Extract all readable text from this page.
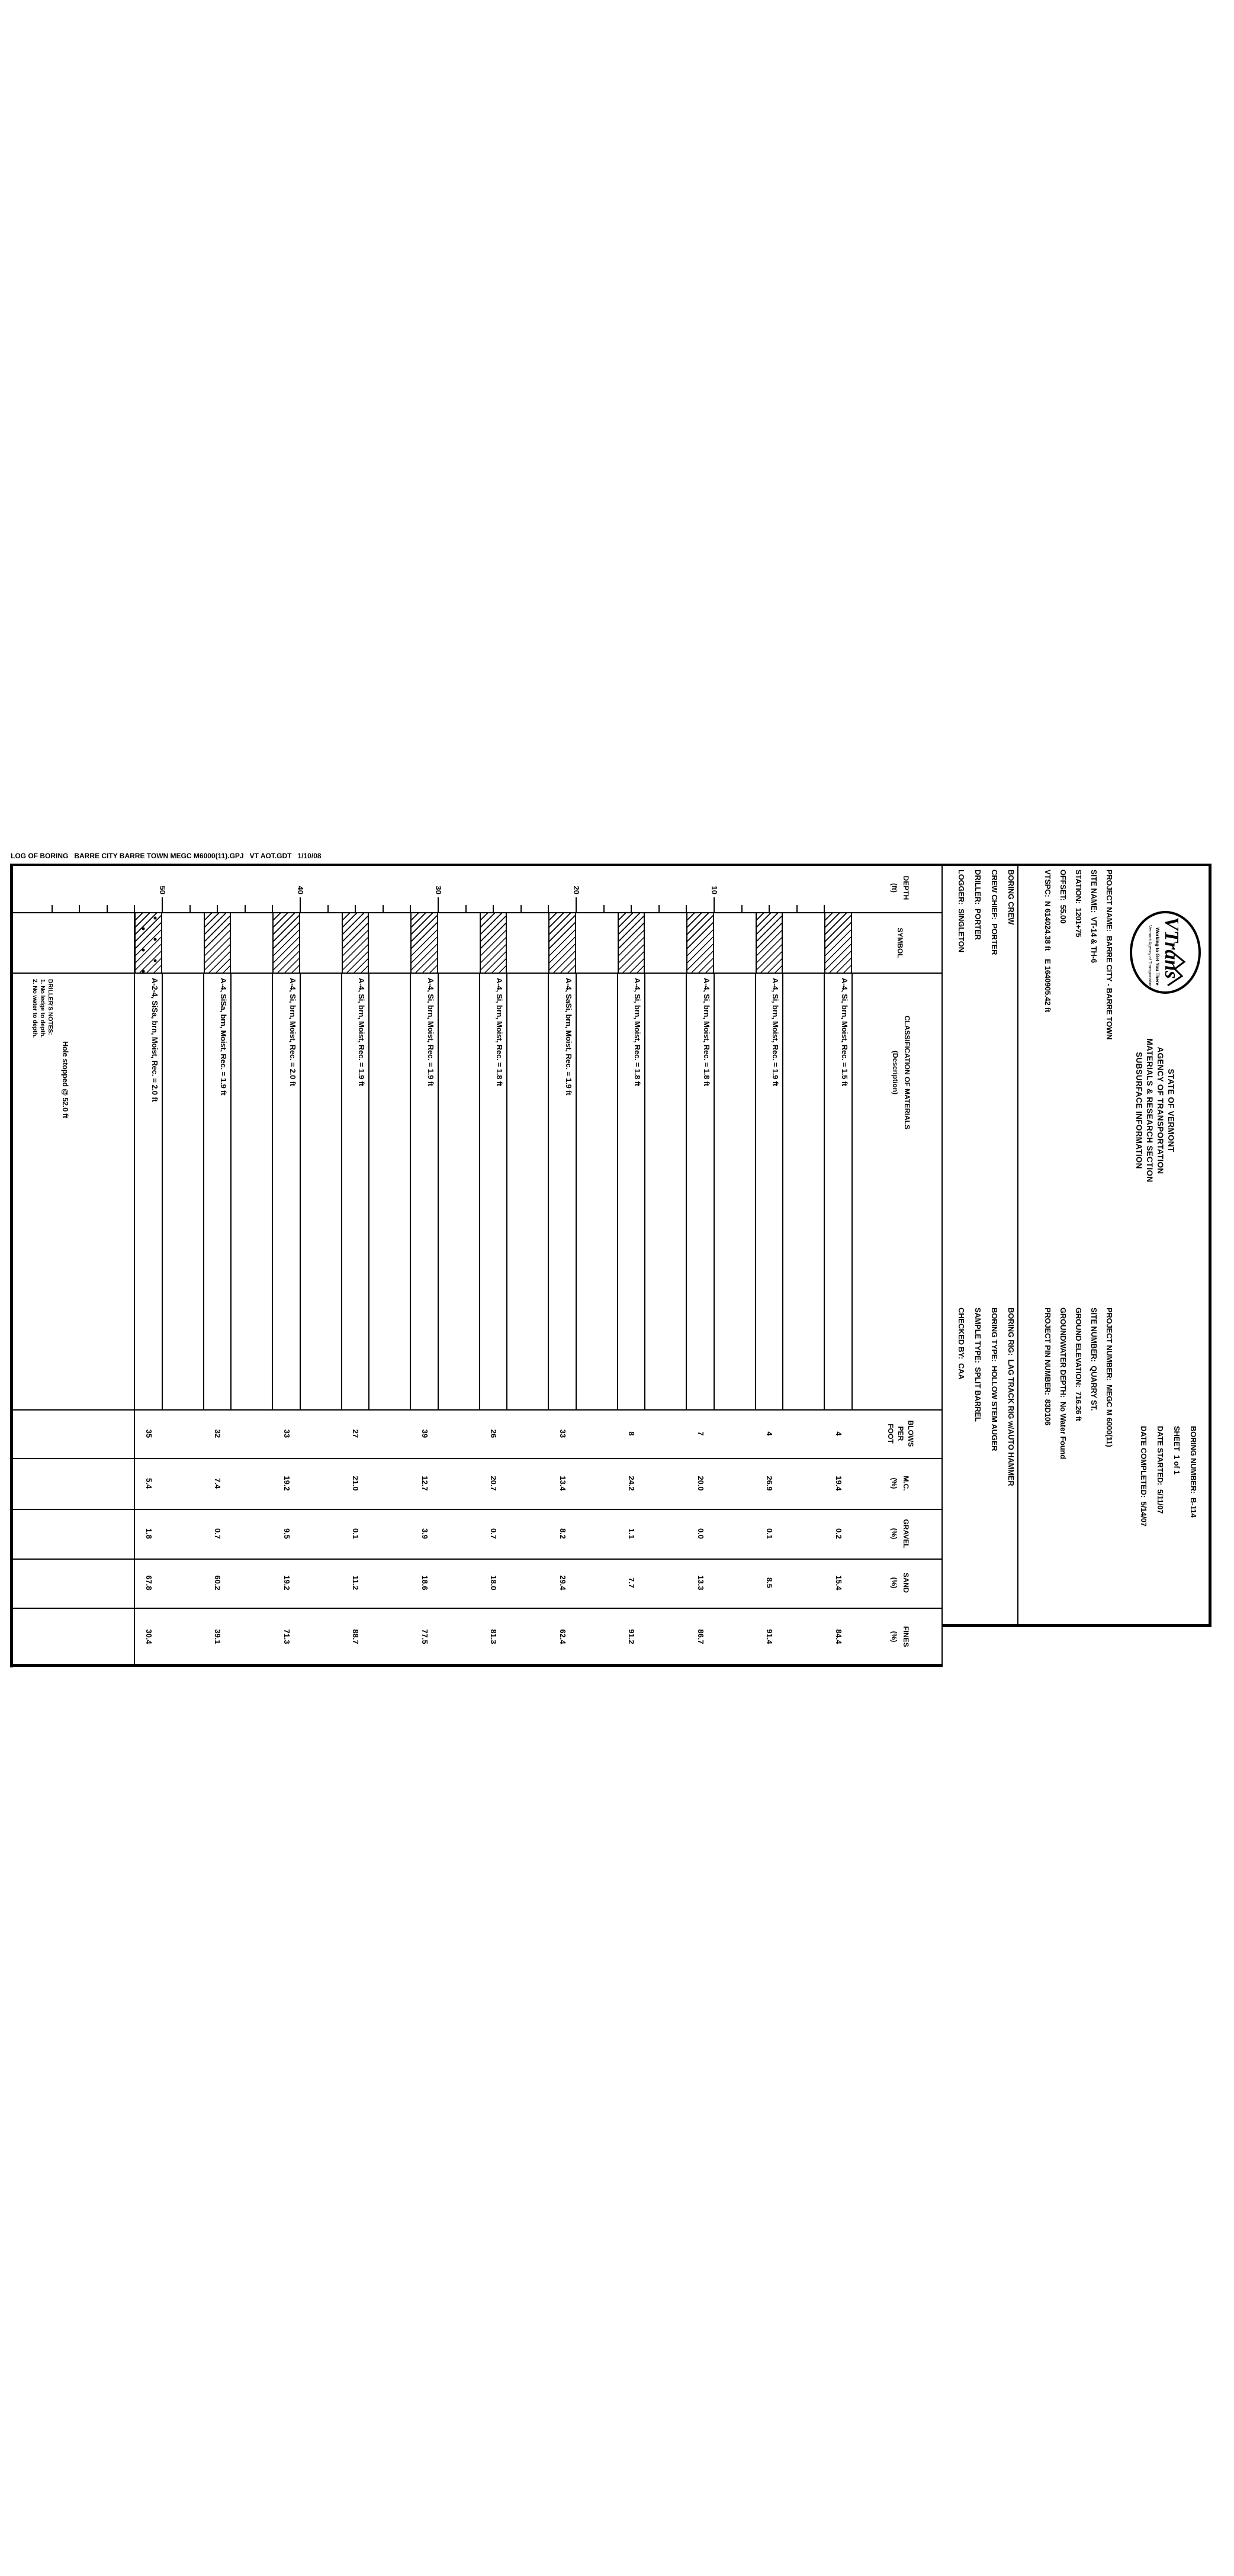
LOG OF BORING   BARRE CITY BARRE TOWN MEGC M6000(11).GPJ   VT AOT.GDT   1/10/08
VTrans
Working to Get You There
Vermont Agency of Transportation
STATE OF VERMONT
AGENCY OF TRANSPORTATION
MATERIALS & RESEARCH SECTION
SUBSURFACE INFORMATION
BORING NUMBER:  B-114
SHEET  1 of 1
DATE STARTED:  5/11/07
DATE COMPLETED:  5/14/07
PROJECT NAME:  BARRE CITY - BARRE TOWN
SITE NAME:  VT-14 & TH-6
STATION:  1201+75
OFFSET:  55.00
VTSPC:  N 614024.38 ft    E 1640905.42 ft
PROJECT NUMBER:  MEGC M 6000(11)
SITE NUMBER:  QUARRY ST.
GROUND ELEVATION:  716.26 ft
GROUNDWATER DEPTH:  No Water Found
PROJECT PIN NUMBER:  83D106
BORING CREW
CREW CHIEF:  PORTER
DRILLER:  PORTER
LOGGER:  SINGLETON
BORING RIG:  LAG TRACK RIG w/AUTO HAMMER
BORING TYPE:  HOLLOW STEM AUGER
SAMPLE TYPE:  SPLIT BARREL
CHECKED BY:  CAA
DEPTH
(ft)
SYMBOL
CLASSIFICATION OF MATERIALS
(Description)
BLOWS
PER
FOOT
M.C.
(%)
GRAVEL
(%)
SAND
(%)
FINES
(%)
10
20
30
40
50
A-4, Si, brn, Moist, Rec. = 1.5 ft
4
19.4
0.2
15.4
84.4
A-4, Si, brn, Moist, Rec. = 1.9 ft
4
26.9
0.1
8.5
91.4
A-4, Si, brn, Moist, Rec. = 1.8 ft
7
20.0
0.0
13.3
86.7
A-4, Si, brn, Moist, Rec. = 1.8 ft
8
24.2
1.1
7.7
91.2
A-4, SaSi, brn, Moist, Rec. = 1.9 ft
33
13.4
8.2
29.4
62.4
A-4, Si, brn, Moist, Rec. = 1.8 ft
26
20.7
0.7
18.0
81.3
A-4, Si, brn, Moist, Rec. = 1.9 ft
39
12.7
3.9
18.6
77.5
A-4, Si, brn, Moist, Rec. = 1.9 ft
27
21.0
0.1
11.2
88.7
A-4, Si, brn, Moist, Rec. = 2.0 ft
33
19.2
9.5
19.2
71.3
A-4, SiSa, brn, Moist, Rec. = 1.9 ft
32
7.4
0.7
60.2
39.1
A-2-4, SiSa, brn, Moist, Rec. = 2.0 ft
35
5.4
1.8
67.8
30.4
Hole stopped @ 52.0 ft
DRILLER'S NOTES:
1. No ledge to depth.
2. No water to depth.
